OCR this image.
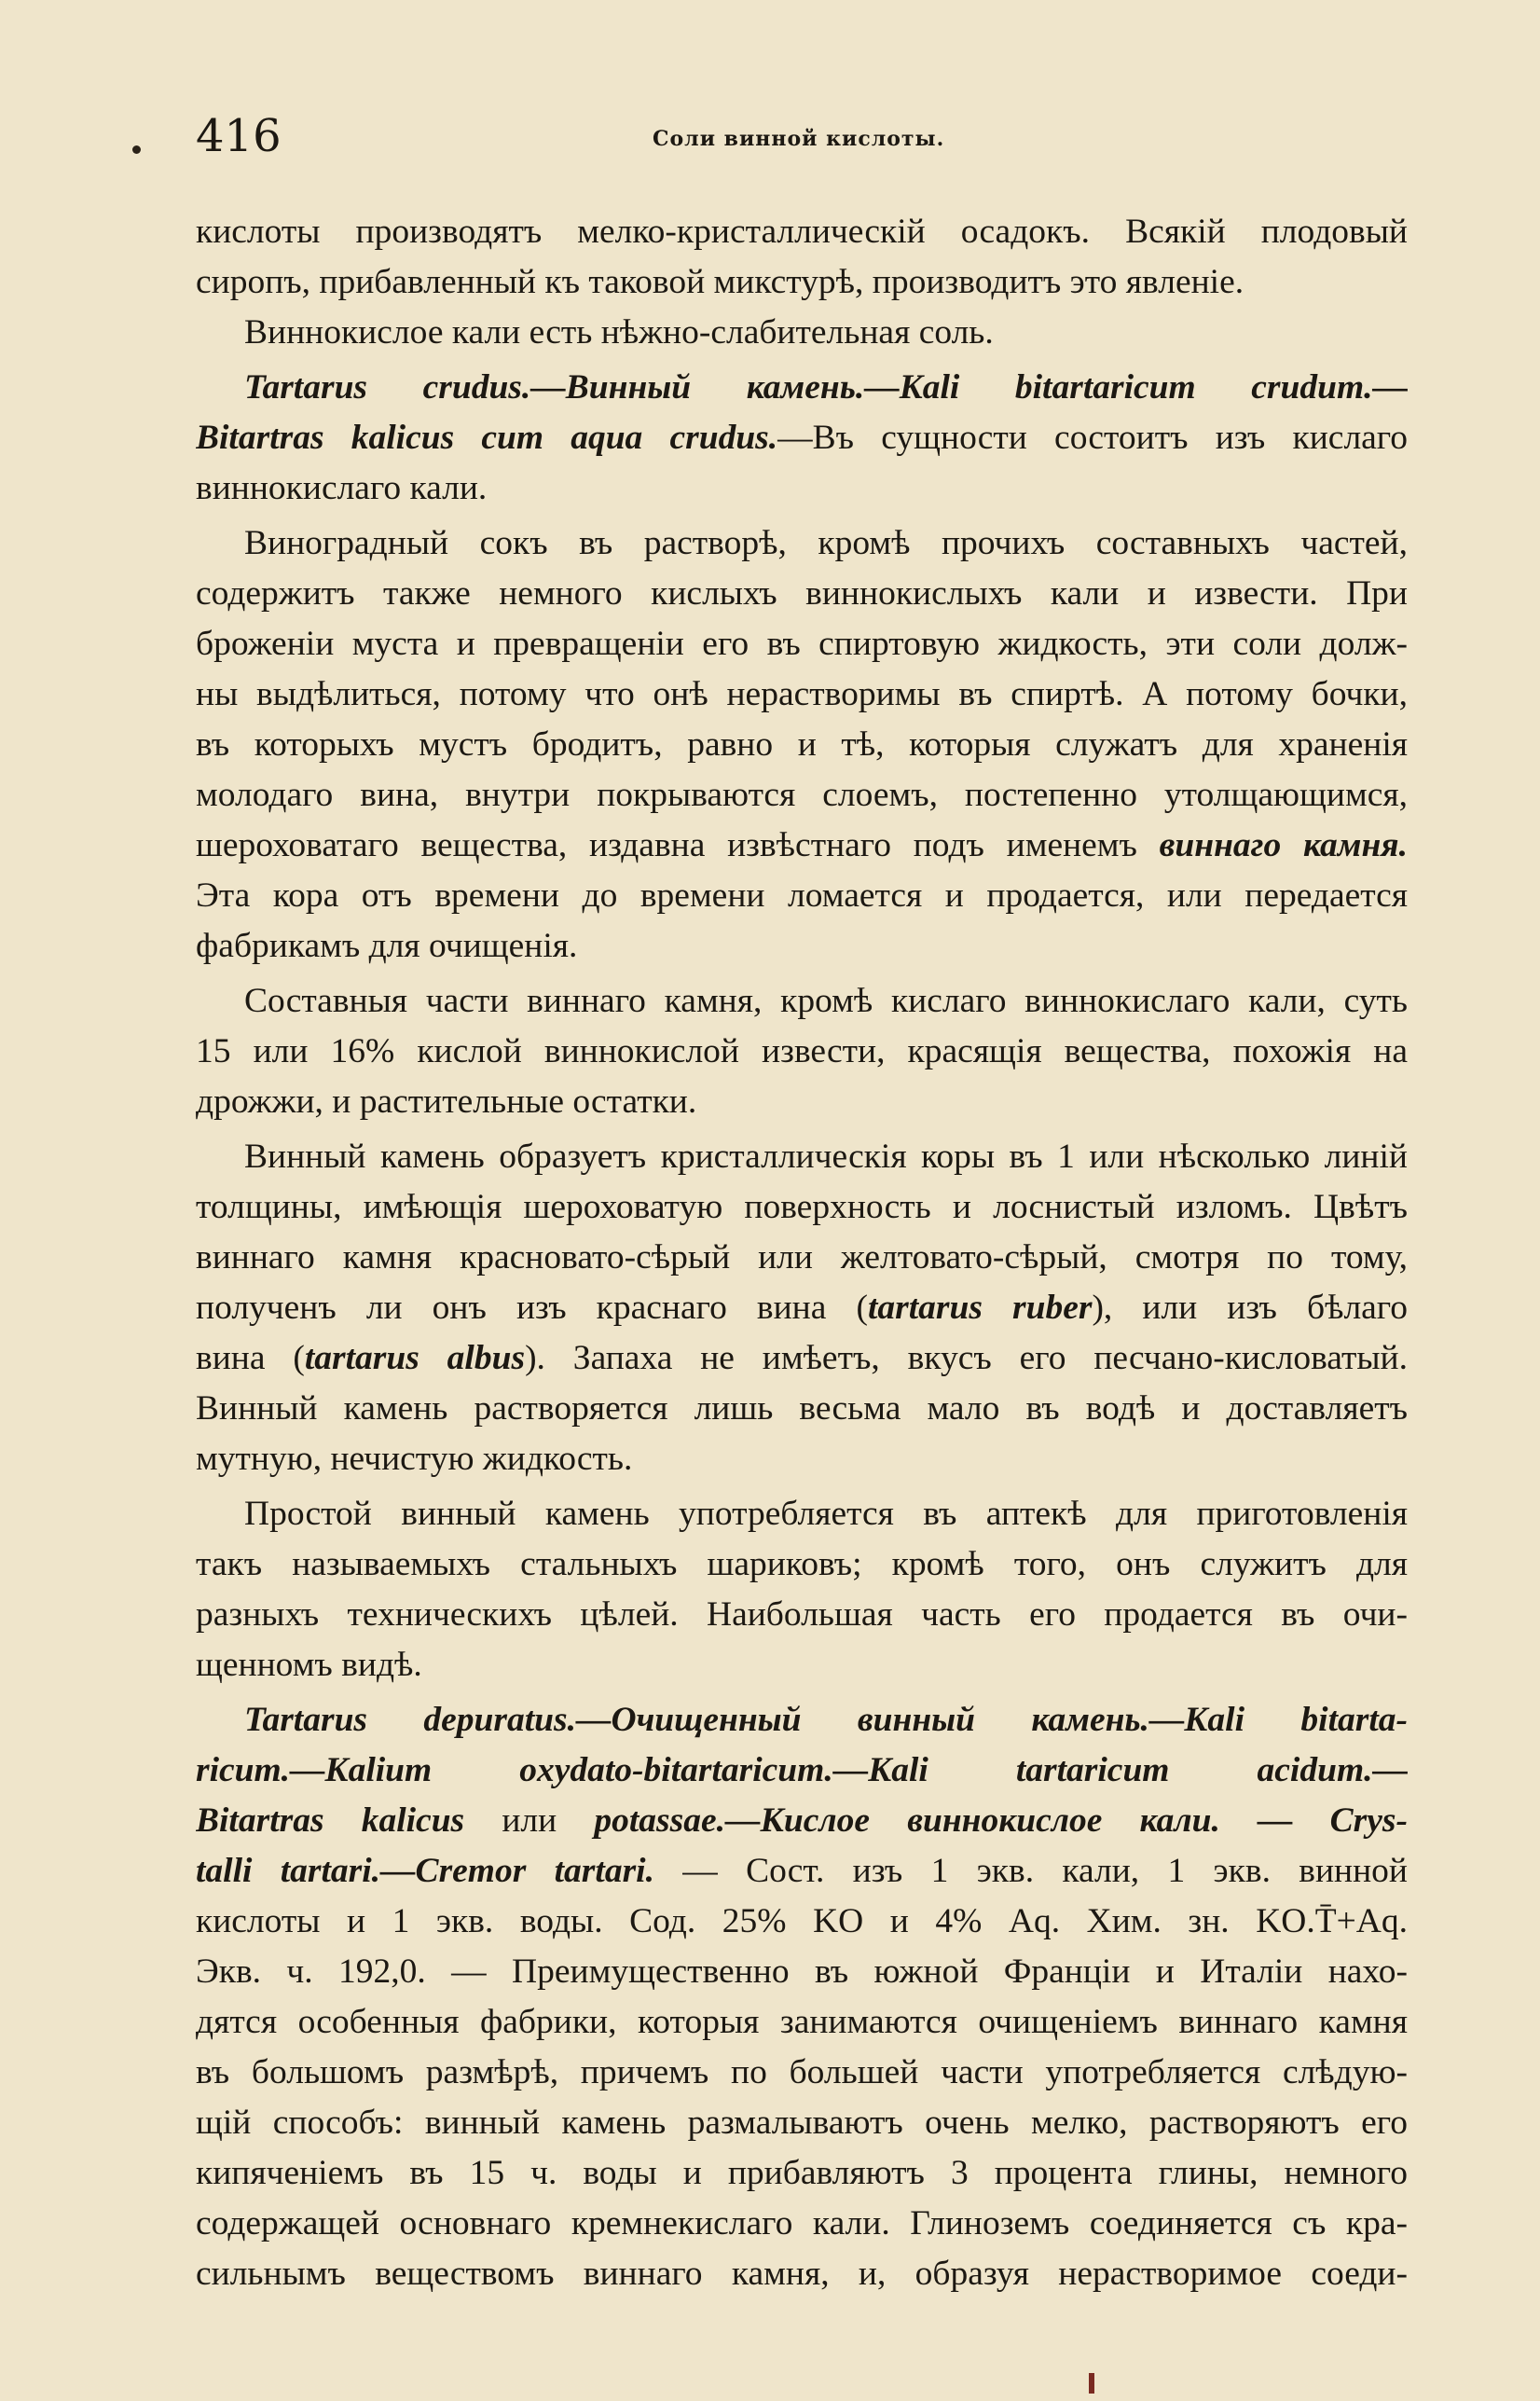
416	Соли винной кислоты.
кислоты производятъ мелко-кристаллическій осадокъ. Всякій плодовый
сиропъ, прибавленный къ таковой микстурѣ, производитъ это явленіе.
Виннокислое кали есть нѣжно-слабительная соль.
Tartarus crudus.—Винный камень.—Kali bitartaricum crudum.—
Bitartras kalicus cum aqua crudus.—Въ сущности состоитъ изъ кислаго
виннокислаго кали.
Виноградный сокъ въ растворѣ, кромѣ прочихъ составныхъ частей,
содержитъ также немного кислыхъ виннокислыхъ кали и извести. При
броженіи муста и превращеніи его въ спиртовую жидкость, эти соли долж-
ны выдѣлиться, потому что онѣ нерастворимы въ спиртѣ. А потому бочки,
въ которыхъ мустъ бродитъ, равно и тѣ, которыя служатъ для храненія
молодаго вина, внутри покрываются слоемъ, постепенно утолщающимся,
шероховатаго вещества, издавна извѣстнаго подъ именемъ виннаго камня.
Эта кора отъ времени до времени ломается и продается, или передается
фабрикамъ для очищенія.
Составныя части виннаго камня, кромѣ кислаго виннокислаго кали, суть
15 или 16% кислой виннокислой извести, красящія вещества, похожія на
дрожжи, и растительные остатки.
Винный камень образуетъ кристаллическія коры въ 1 или нѣсколько линій
толщины, имѣющія шероховатую поверхность и лоснистый изломъ. Цвѣтъ
виннаго камня красновато-сѣрый или желтовато-сѣрый, смотря по тому,
полученъ ли онъ изъ краснаго вина (tartarus ruber), или изъ бѣлаго
вина (tartarus albus). Запаха не имѣетъ, вкусъ его песчано-кисловатый.
Винный камень растворяется лишь весьма мало въ водѣ и доставляетъ
мутную, нечистую жидкость.
Простой винный камень употребляется въ аптекѣ для приготовленія
такъ называемыхъ стальныхъ шариковъ; кромѣ того, онъ служитъ для
разныхъ техническихъ цѣлей. Наибольшая часть его продается въ очи-
щенномъ видѣ.
Tartarus depuratus.—Очищенный винный камень.—Kali bitarta-
ricum.—Kalium oxydato-bitartaricum.—Kali tartaricum acidum.—
Bitartras kalicus или potassae.—Кислое виннокислое кали. — Crys-
talli tartari.—Cremor tartari. — Сост. изъ 1 экв. кали, 1 экв. винной
кислоты и 1 экв. воды. Сод. 25% KO и 4% Aq. Хим. зн. KO.T̄+Aq.
Экв. ч. 192,0. — Преимущественно въ южной Франціи и Италіи нахо-
дятся особенныя фабрики, которыя занимаются очищеніемъ виннаго камня
въ большомъ размѣрѣ, причемъ по большей части употребляется слѣдую-
щій способъ: винный камень размалываютъ очень мелко, растворяютъ его
кипяченіемъ въ 15 ч. воды и прибавляютъ 3 процента глины, немного
содержащей основнаго кремнекислаго кали. Глиноземъ соединяется съ кра-
сильнымъ веществомъ виннаго камня, и, образуя нерастворимое соеди-
